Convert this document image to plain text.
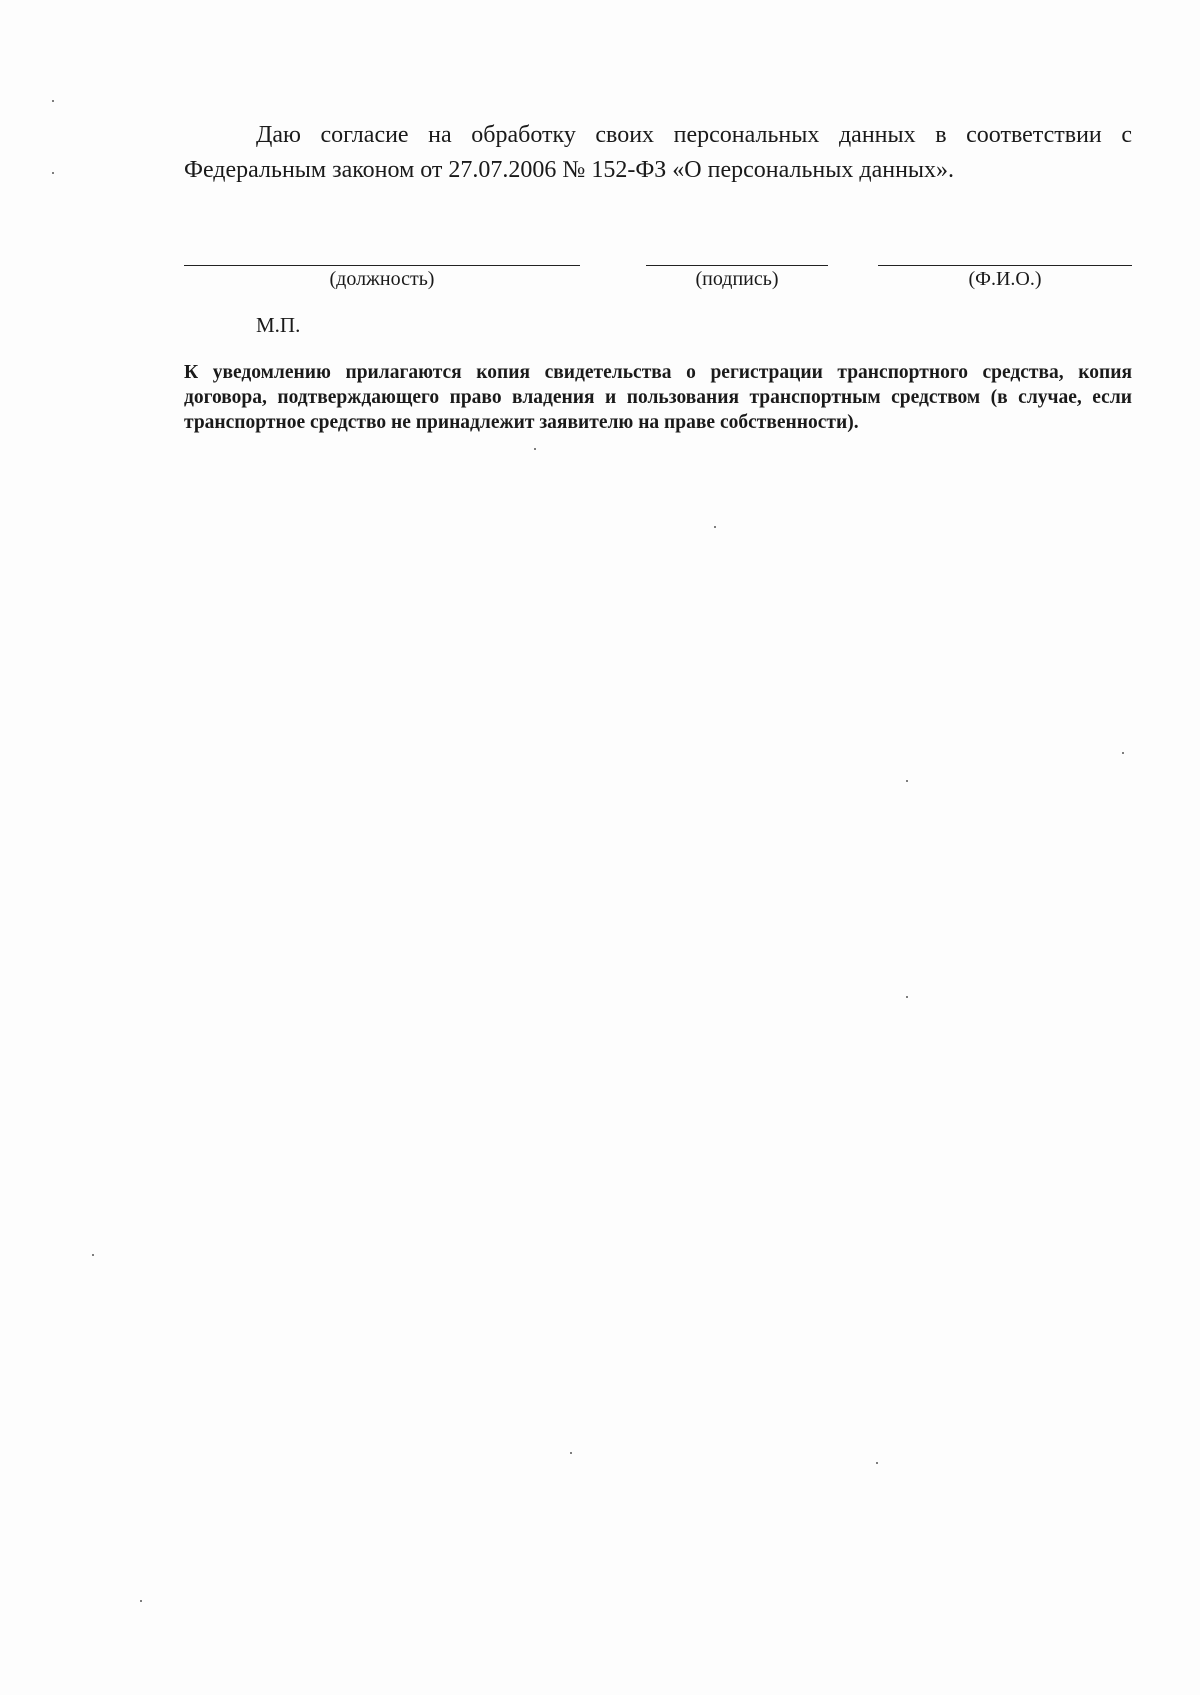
Даю согласие на обработку своих персональных данных в соответствии с Федеральным законом от 27.07.2006 № 152-ФЗ «О персональных данных».
(должность)	(подпись)	(Ф.И.О.)
М.П.
К уведомлению прилагаются копия свидетельства о регистрации транспортного средства, копия договора, подтверждающего право владения и пользования транспортным средством (в случае, если транспортное средство не принадлежит заявителю на праве собственности).
